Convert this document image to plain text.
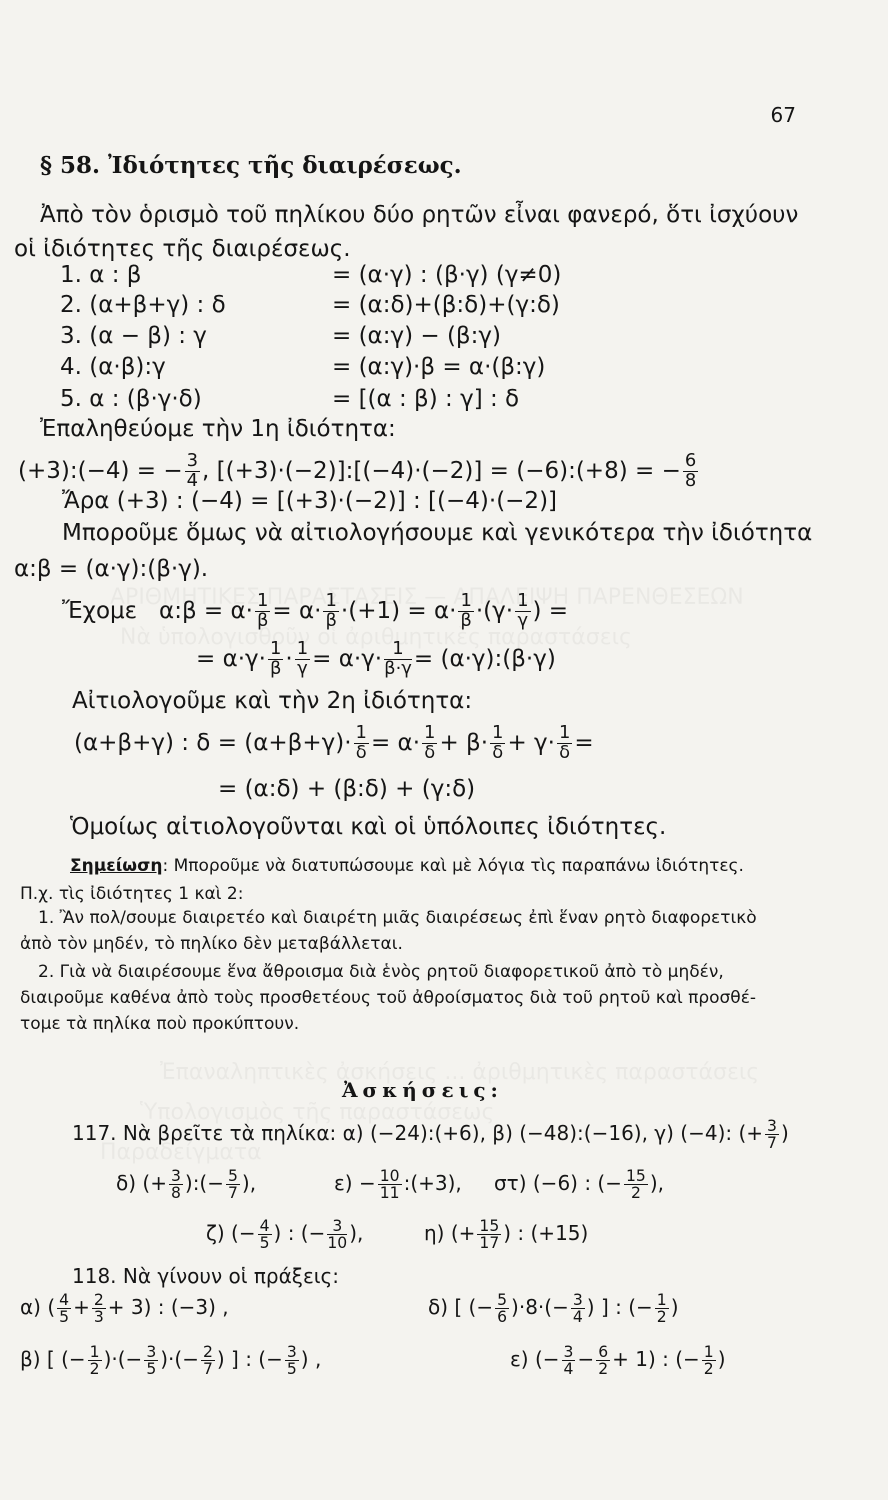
67
§ 58. Ἰδιότητες τῆς διαιρέσεως.
Ἀπὸ τὸν ὁρισμὸ τοῦ πηλίκου δύο ρητῶν εἶναι φανερό, ὅτι ἰσχύουν
οἱ ἰδιότητες τῆς διαιρέσεως.
1. α : β	= (α·γ) : (β·γ) (γ≠0)
2. (α+β+γ) : δ	= (α:δ)+(β:δ)+(γ:δ)
3. (α − β) : γ	= (α:γ) − (β:γ)
4. (α·β):γ	= (α:γ)·β = α·(β:γ)
5. α : (β·γ·δ)	= [(α : β) : γ] : δ
Ἐπαληθεύομε τὴν 1η ἰδιότητα:
(+3):(−4) = − $\frac{3}{4}$ , [(+3)·(−2)]:[(−4)·(−2)] = (−6):(+8) = − $\frac{6}{8}$
Ἄρα (+3) : (−4) = [(+3)·(−2)] : [(−4)·(−2)]
Μποροῦμε ὅμως νὰ αἰτιολογήσουμε καὶ γενικότερα τὴν ἰδιότητα
α:β = (α·γ):(β·γ).
Ἔχομε α:β = $\alpha\cdot \frac{1}{\beta} = \alpha\cdot \frac{1}{\beta} \cdot(+1) = \alpha\cdot \frac{1}{\beta} \cdot(\gamma\cdot \frac{1}{\gamma}$ ) =
= $\alpha\cdot\gamma\cdot \frac{1}{\beta} \cdot \frac{1}{\gamma} = \alpha\cdot\gamma\cdot \frac{1}{\beta\cdot\gamma}$ = (α·γ):(β·γ)
Αἰτιολογοῦμε καὶ τὴν 2η ἰδιότητα:
(α+β+γ) : $\delta = (\alpha+\beta+\gamma)\cdot \frac{1}{\delta} = \alpha\cdot \frac{1}{\delta} + \beta\cdot \frac{1}{\delta} + \gamma\cdot \frac{1}{\delta}$ =
= (α:δ) + (β:δ) + (γ:δ)
Ὁμοίως αἰτιολογοῦνται καὶ οἱ ὑπόλοιπες ἰδιότητες.
Σημείωση: Μποροῦμε νὰ διατυπώσουμε καὶ μὲ λόγια τὶς παραπάνω ἰδιότητες.
Π.χ. τὶς ἰδιότητες 1 καὶ 2:
1. Ἂν πολ/σουμε διαιρετέο καὶ διαιρέτη μιᾶς διαιρέσεως ἐπὶ ἕναν ρητὸ διαφορετικὸ
ἀπὸ τὸν μηδέν, τὸ πηλίκο δὲν μεταβάλλεται.
2. Γιὰ νὰ διαιρέσουμε ἕνα ἄθροισμα διὰ ἑνὸς ρητοῦ διαφορετικοῦ ἀπὸ τὸ μηδέν,
διαιροῦμε καθένα ἀπὸ τοὺς προσθετέους τοῦ ἀθροίσματος διὰ τοῦ ρητοῦ καὶ προσθέ-
τομε τὰ πηλίκα ποὺ προκύπτουν.
Ἀσκήσεις:
117. Νὰ βρεῖτε τὰ πηλίκα: α) (−24):(+6), β) (−48):(−16), γ) (−4): (+ $\frac{3}{7}$ )
δ) (+ $\frac{3}{8}$ ):(− $\frac{5}{7}$ ),	$\varepsilon) - \frac{10}{11}$ :(+3), στ) (−6) : (− $\frac{15}{2}$ ),
ζ) (− $\frac{4}{5}$ ) : (− $\frac{3}{10}$ ),	η) (+ $\frac{15}{17}$ ) : (+15)
118. Νὰ γίνουν οἱ πράξεις:
α) ( $\frac{4}{5} + \frac{2}{3} + 3$) : (−3) ,	δ) [ (− $\frac{5}{6} )\cdot 8\cdot(- \frac{3}{4}$ ) ] : (− $\frac{1}{2}$ )
β) [ (− $\frac{1}{2}$ )·(− $\frac{3}{5}$ )·(− $\frac{2}{7}$ ) ] : (− $\frac{3}{5}$ ) ,	ε) (− $\frac{3}{4} - \frac{6}{2} + 1$) : (− $\frac{1}{2}$ )
